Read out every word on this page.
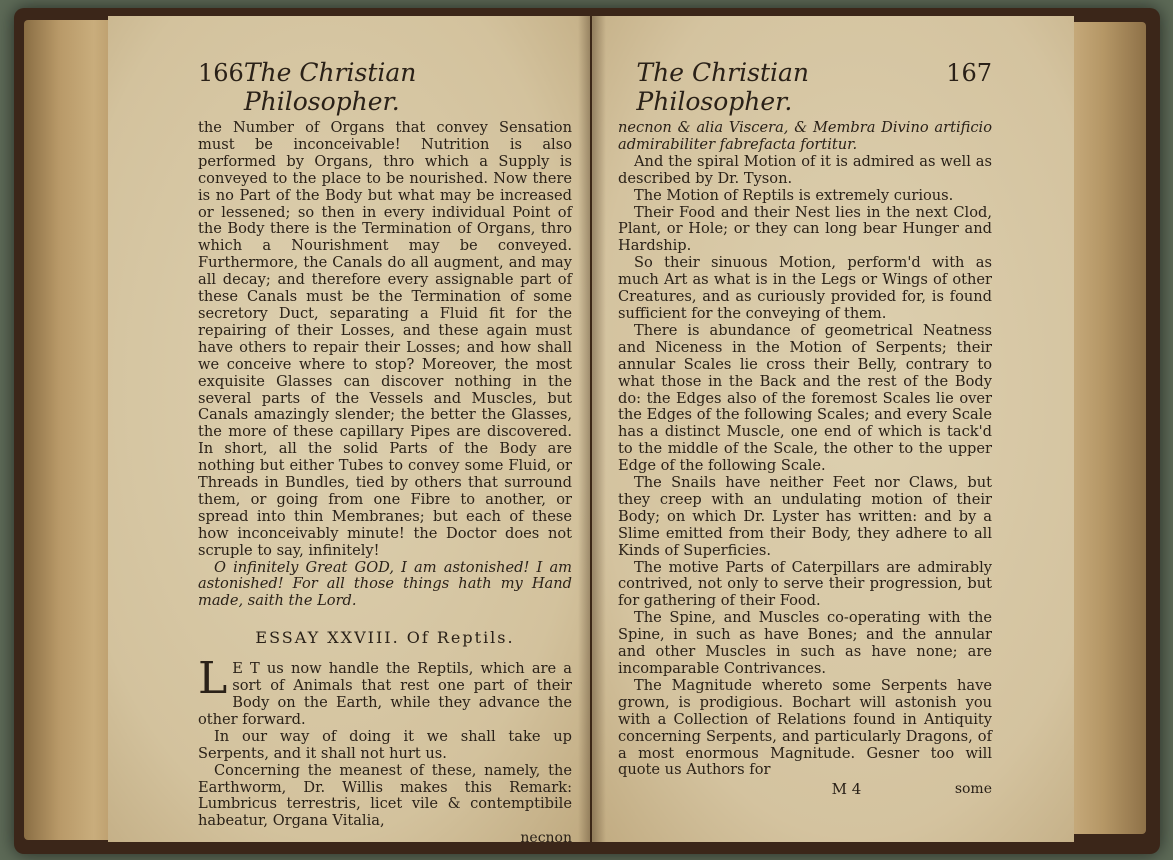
166 The Christian Philosopher.

the Number of Organs that convey Sensation must be inconceivable! Nutrition is also performed by Organs, thro which a Supply is conveyed to the place to be nourished. Now there is no Part of the Body but what may be increased or lessened; so then in every individual Point of the Body there is the Termination of Organs, thro which a Nourishment may be conveyed. Furthermore, the Canals do all augment, and may all decay; and therefore every assignable part of these Canals must be the Termination of some secretory Duct, separating a Fluid fit for the repairing of their Losses, and these again must have others to repair their Losses; and how shall we conceive where to stop? Moreover, the most exquisite Glasses can discover nothing in the several parts of the Vessels and Muscles, but Canals amazingly slender; the better the Glasses, the more of these capillary Pipes are discovered. In short, all the solid Parts of the Body are nothing but either Tubes to convey some Fluid, or Threads in Bundles, tied by others that surround them, or going from one Fibre to another, or spread into thin Membranes; but each of these how inconceivably minute! the Doctor does not scruple to say, infinitely!

O infinitely Great GOD, I am astonished! I am astonished! For all those things hath my Hand made, saith the Lord.

ESSAY XXVIII. Of Reptils.

L E T us now handle the Reptils, which are a sort of Animals that rest one part of their Body on the Earth, while they advance the other forward.

In our way of doing it we shall take up Serpents, and it shall not hurt us.

Concerning the meanest of these, namely, the Earthworm, Dr. Willis makes this Remark: Lumbricus terrestris, licet vile & contemptibile habeatur, Organa Vitalia,

necnon
The Christian Philosopher.
167

necnon & alia Viscera, & Membra Divino artificio admirabiliter fabrefacta fortitur.

And the spiral Motion of it is admired as well as described by Dr. Tyson.

The Motion of Reptils is extremely curious.

Their Food and their Nest lies in the next Clod, Plant, or Hole; or they can long bear Hunger and Hardship.

So their sinuous Motion, perform'd with as much Art as what is in the Legs or Wings of other Creatures, and as curiously provided for, is found sufficient for the conveying of them.

There is abundance of geometrical Neatness and Niceness in the Motion of Serpents; their annular Scales lie cross their Belly, contrary to what those in the Back and the rest of the Body do: the Edges also of the foremost Scales lie over the Edges of the following Scales; and every Scale has a distinct Muscle, one end of which is tack'd to the middle of the Scale, the other to the upper Edge of the following Scale.

The Snails have neither Feet nor Claws, but they creep with an undulating motion of their Body; on which Dr. Lyster has written: and by a Slime emitted from their Body, they adhere to all Kinds of Superficies.

The motive Parts of Caterpillars are admirably contrived, not only to serve their progression, but for gathering of their Food.

The Spine, and Muscles co-operating with the Spine, in such as have Bones; and the annular and other Muscles in such as have none; are incomparable Contrivances.

The Magnitude whereto some Serpents have grown, is prodigious. Bochart will astonish you with a Collection of Relations found in Antiquity concerning Serpents, and particularly Dragons, of a most enormous Magnitude. Gesner too will quote us Authors for

some
M 4
